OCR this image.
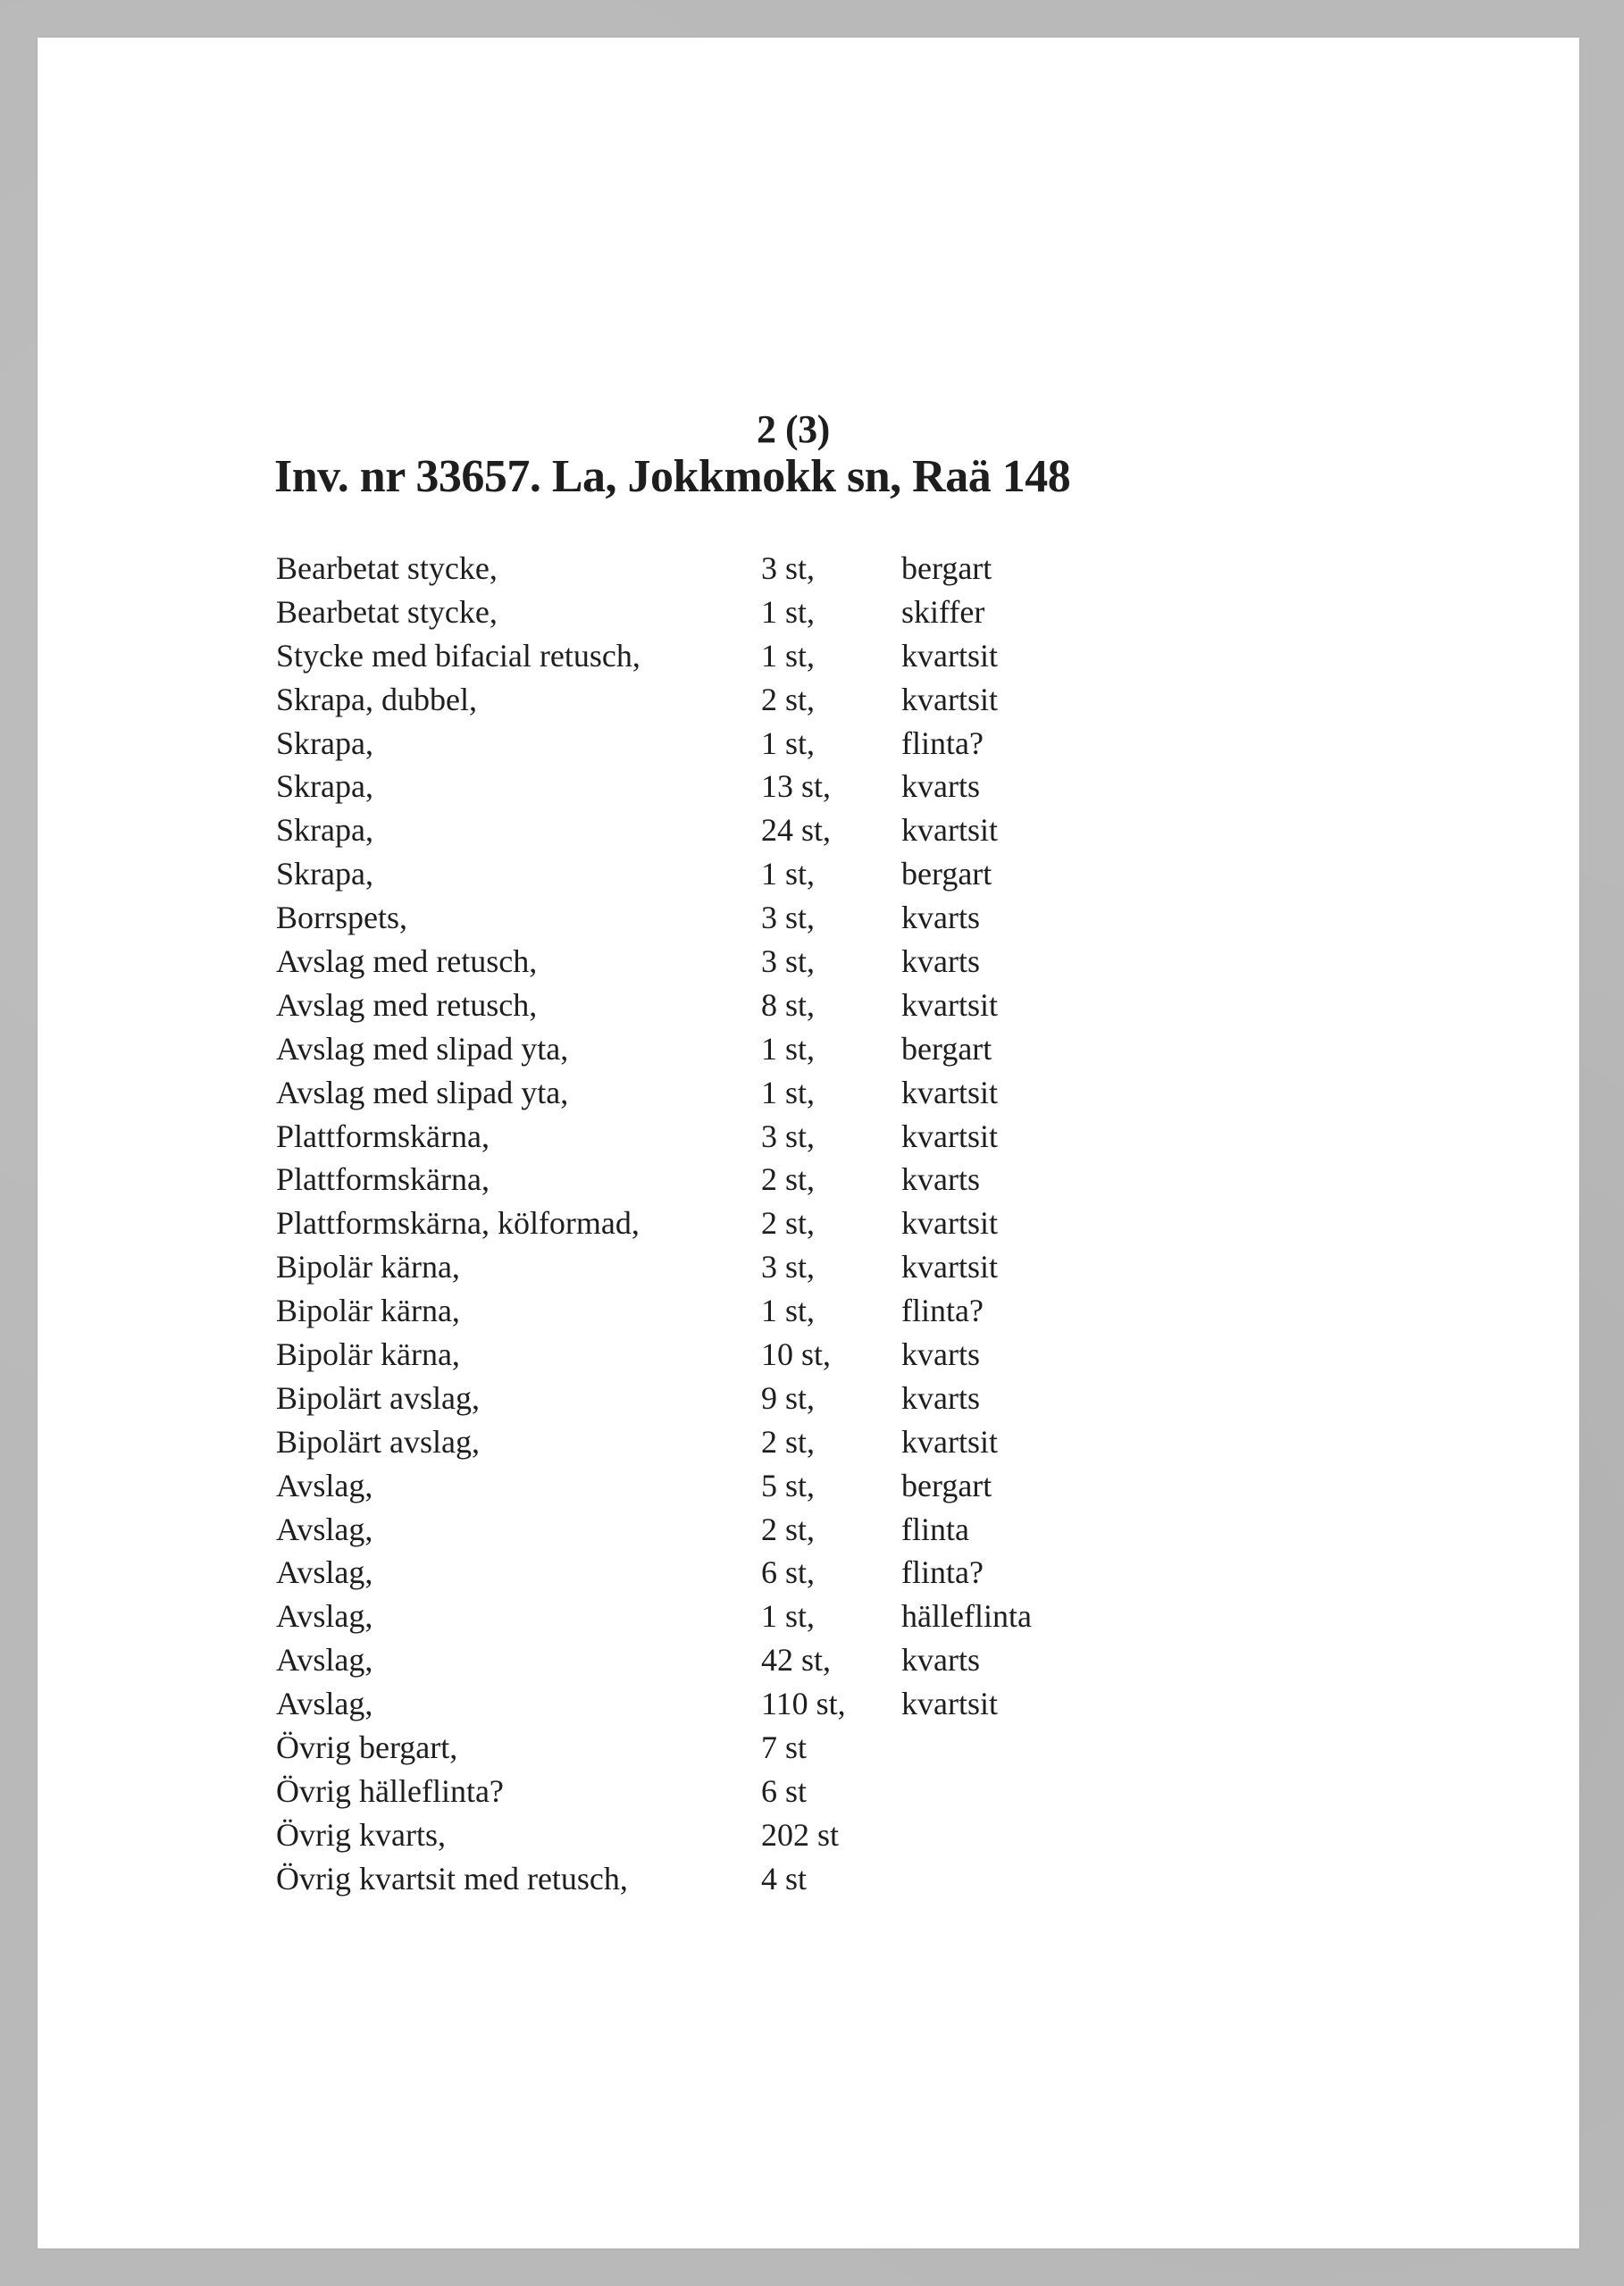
2 (3)
Inv. nr 33657. La, Jokkmokk sn, Raä 148
Bearbetat stycke,	3 st,	bergart
Bearbetat stycke,	1 st,	skiffer
Stycke med bifacial retusch,	1 st,	kvartsit
Skrapa, dubbel,	2 st,	kvartsit
Skrapa,	1 st,	flinta?
Skrapa,	13 st, kvarts
Skrapa,	24 st, kvartsit
Skrapa,	1 st,	bergart
Borrspets,	3 st,	kvarts
Avslag med retusch,	3 st,	kvarts
Avslag med retusch,	8 st,	kvartsit
Avslag med slipad yta,	1 st,	bergart
Avslag med slipad yta,	1 st,	kvartsit
Plattformskärna,	3 st,	kvartsit
Plattformskärna,	2 st,	kvarts
Plattformskärna, kölformad,	2 st,	kvartsit
Bipolär kärna,	3 st,	kvartsit
Bipolär kärna,	1 st,	flinta?
Bipolär kärna,	10 st, kvarts
Bipolärt avslag,	9 st,	kvarts
Bipolärt avslag,	2 st,	kvartsit
Avslag,	5 st,	bergart
Avslag,	2 st,	flinta
Avslag,	6 st,	flinta?
Avslag,	1 st,	hälleflinta
Avslag,	42 st, kvarts
Avslag,	110 st, kvartsit
Övrig bergart,	7 st
Övrig hälleflinta?	6 st
Övrig kvarts,	202 st
Övrig kvartsit med retusch,	4 st
